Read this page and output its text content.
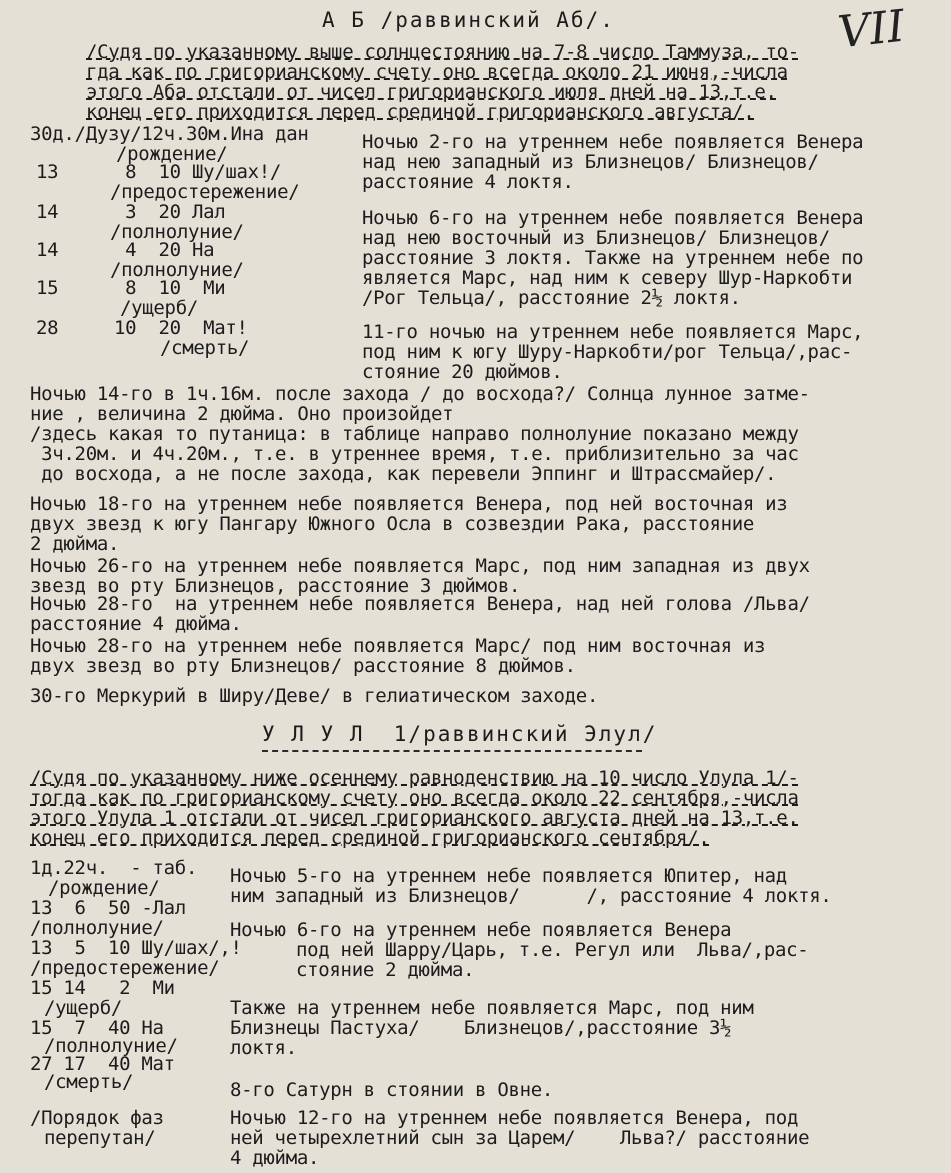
VII
А Б /раввинский Аб/.
/Судя по указанному выше солнцестоянию на 7-8 число Таммуза, то-
гда как по григорианскому счету оно всегда около 21 июня,-числа
этого Аба отстали от чисел григорианского июля дней на 13,т.е.
конец его приходится перед срединой григорианского августа/.
30д./Дузу/12ч.30м.Ина дан
/рождение/
13      8  10 Шу/шах!/
/предостережение/
14      3  20 Лал
/полнолуние/
14      4  20 На
/полнолуние/
15      8  10  Ми
/ущерб/
28     10  20  Мат!
/смерть/
Ночью 2-го на утреннем небе появляется Венера
над нею западный из Близнецов/ Близнецов/
расстояние 4 локтя.
Ночью 6-го на утреннем небе появляется Венера
над нею восточный из Близнецов/ Близнецов/
расстояние 3 локтя. Также на утреннем небе по
является Марс, над ним к северу Шур-Наркобти
/Рог Тельца/, расстояние 2½ локтя.
11-го ночью на утреннем небе появляется Марс,
под ним к югу Шуру-Наркобти/рог Тельца/,рас-
стояние 20 дюймов.
Ночью 14-го в 1ч.16м. после захода / до восхода?/ Солнца лунное затме-
ние , величина 2 дюйма. Оно произойдет
/здесь какая то путаница: в таблице направо полнолуние показано между
3ч.20м. и 4ч.20м., т.е. в утреннее время, т.е. приблизительно за час
до восхода, а не после захода, как перевели Эппинг и Штрассмайер/.
Ночью 18-го на утреннем небе появляется Венера, под ней восточная из
двух звезд к югу Пангару Южного Осла в созвездии Рака, расстояние
2 дюйма.
Ночью 26-го на утреннем небе появляется Марс, под ним западная из двух
звезд во рту Близнецов, расстояние 3 дюймов.
Ночью 28-го  на утреннем небе появляется Венера, над ней голова /Льва/
расстояние 4 дюйма.
Ночью 28-го на утреннем небе появляется Марс/ под ним восточная из
двух звезд во рту Близнецов/ расстояние 8 дюймов.
30-го Меркурий в Ширу/Деве/ в гелиатическом заходе.
У Л У Л  1/раввинский Элул/
/Судя по указанному ниже осеннему равноденствию на 10 число Улула 1/-
тогда как по григорианскому счету оно всегда около 22 сентября,-числа
этого Улула 1 отстали от чисел григорианского августа дней на 13,т.е.
конец его приходится перед срединой григорианского сентября/.
1д.22ч.  - таб.
/рождение/
13  6  50 -Лал
/полнолуние/
13  5  10 Шу/шах/,!
/предостережение/
15 14   2  Ми
/ущерб/
15  7  40 На
/полнолуние/
27 17  40 Мат
/смерть/
Ночью 5-го на утреннем небе появляется Юпитер, над
ним западный из Близнецов/      /, расстояние 4 локтя.
Ночью 6-го на утреннем небе появляется Венера
под ней Шарру/Царь, т.е. Регул или  Льва/,рас-
стояние 2 дюйма.
Также на утреннем небе появляется Марс, под ним
Близнецы Пастуха/    Близнецов/,расстояние 3½
локтя.
8-го Сатурн в стоянии в Овне.
/Порядок фаз
перепутан/
Ночью 12-го на утреннем небе появляется Венера, под
ней четырехлетний сын за Царем/    Льва?/ расстояние
4 дюйма.
